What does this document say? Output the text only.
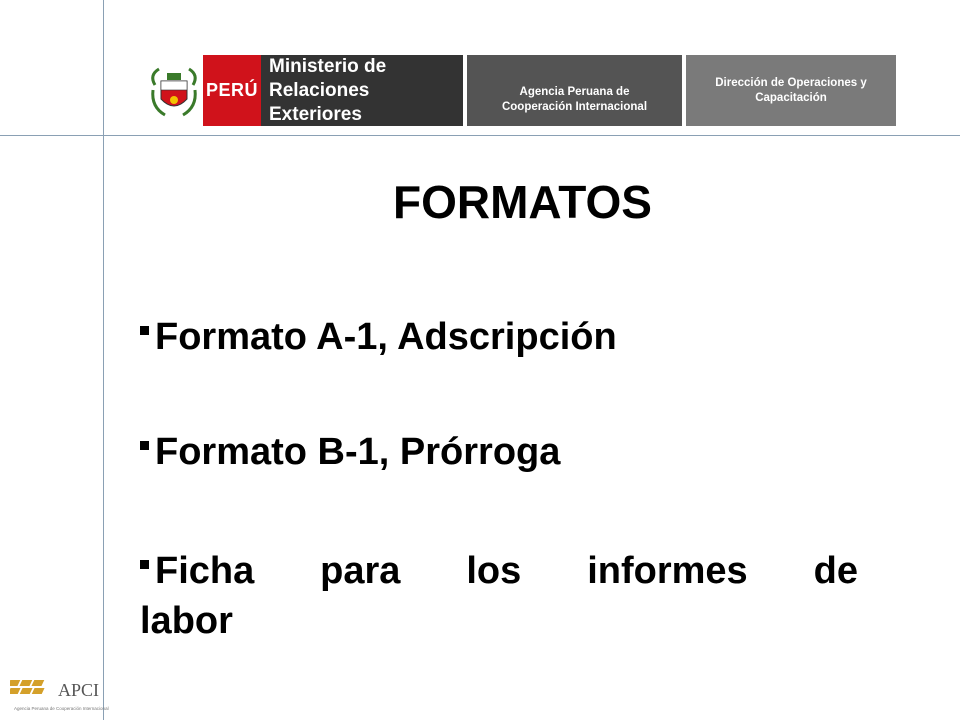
PERÚ
Ministerio de
Relaciones Exteriores
Agencia Peruana de
Cooperación Internacional
Dirección de Operaciones y
Capacitación
FORMATOS
Formato A-1, Adscripción
Formato B-1, Prórroga
Ficha para los informes de
labor
APCI
Agencia Peruana de Cooperación Internacional
